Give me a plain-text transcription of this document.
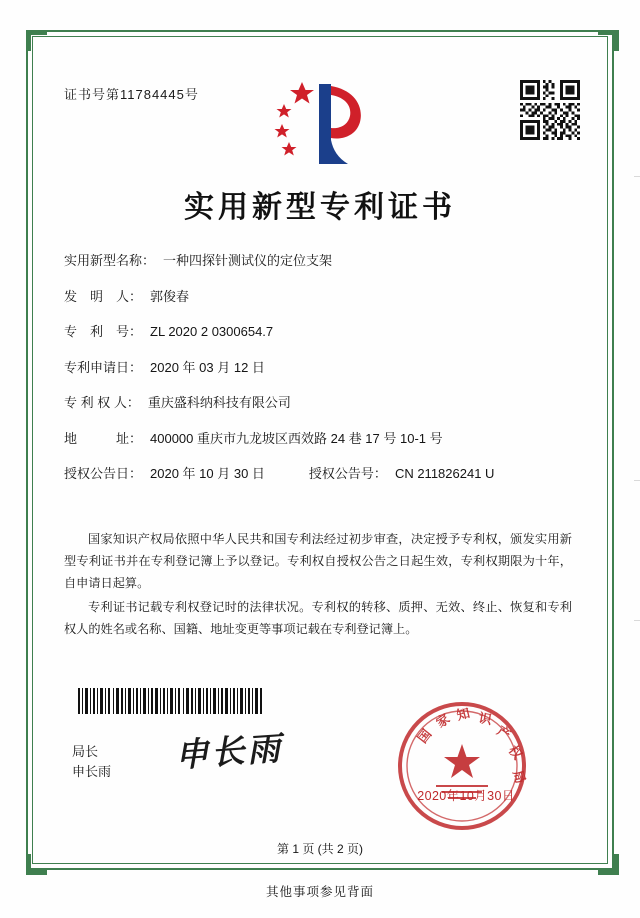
证书号第11784445号
实用新型专利证书
实用新型名称： 一种四探针测试仪的定位支架
发　明　人： 郭俊春
专　利　号： ZL 2020 2 0300654.7
专利申请日： 2020 年 03 月 12 日
专 利 权 人： 重庆盛科纳科技有限公司
地　　　址： 400000 重庆市九龙坡区西效路 24 巷 17 号 10-1 号
授权公告日： 2020 年 10 月 30 日	授权公告号： CN 211826241 U

国家知识产权局依照中华人民共和国专利法经过初步审查，决定授予专利权，颁发实用新型专利证书并在专利登记簿上予以登记。专利权自授权公告之日起生效，专利权期限为十年，自申请日起算。

专利证书记载专利权登记时的法律状况。专利权的转移、质押、无效、终止、恢复和专利权人的姓名或名称、国籍、地址变更等事项记载在专利登记簿上。

局长
申长雨 申长雨	国
家 知 识
产
权
局
2020年10月30日
第 1 页 (共 2 页)
其他事项参见背面
